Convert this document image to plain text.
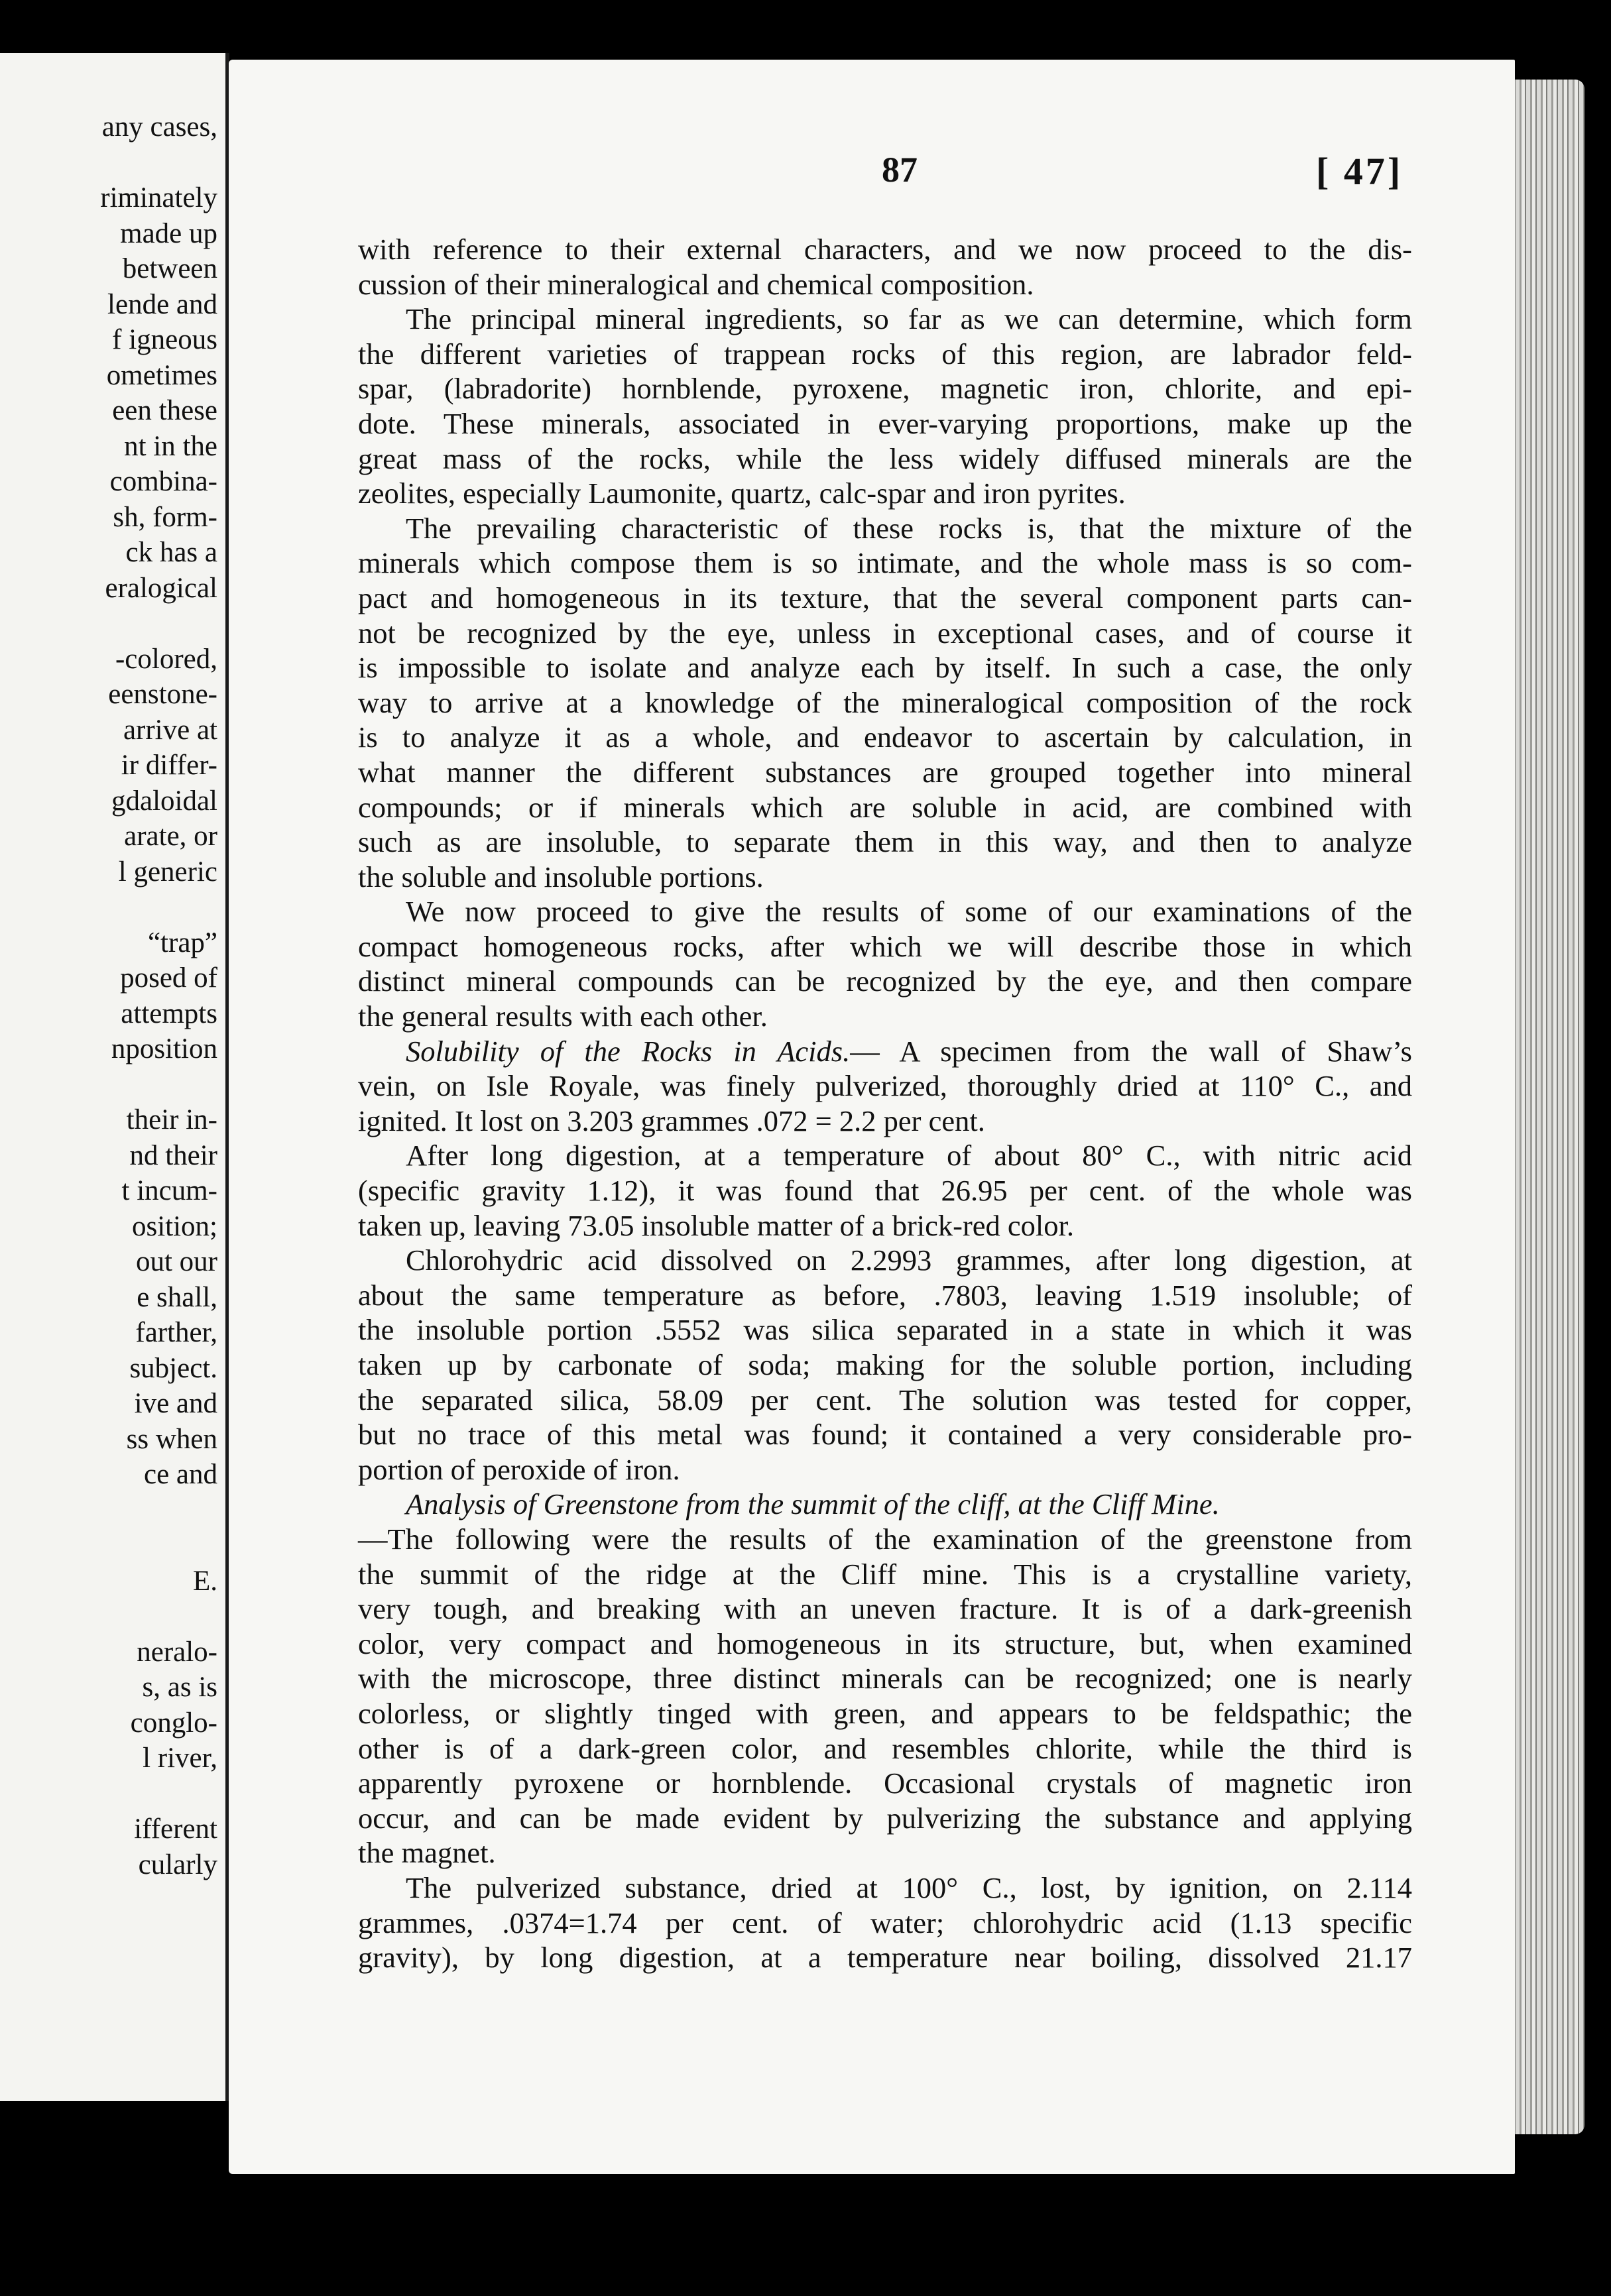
any cases,
riminately
made up
between
lende and
f igneous
ometimes
een these
nt in the
combina-
sh, form-
ck has a
eralogical
-colored,
eenstone-
arrive at
ir differ-
gdaloidal
arate, or
l generic
“trap”
posed of
attempts
nposition
their in-
nd their
t incum-
osition;
out our
e shall,
farther,
subject.
ive and
ss when
ce and
E.
neralo-
s, as is
conglo-
l river,
ifferent
cularly
87	[ 47]
with reference to their external characters, and we now proceed to the dis-
cussion of their mineralogical and chemical composition.
The principal mineral ingredients, so far as we can determine, which form
the different varieties of trappean rocks of this region, are labrador feld-
spar, (labradorite) hornblende, pyroxene, magnetic iron, chlorite, and epi-
dote. These minerals, associated in ever-varying proportions, make up the
great mass of the rocks, while the less widely diffused minerals are the
zeolites, especially Laumonite, quartz, calc-spar and iron pyrites.
The prevailing characteristic of these rocks is, that the mixture of the
minerals which compose them is so intimate, and the whole mass is so com-
pact and homogeneous in its texture, that the several component parts can-
not be recognized by the eye, unless in exceptional cases, and of course it
is impossible to isolate and analyze each by itself. In such a case, the only
way to arrive at a knowledge of the mineralogical composition of the rock
is to analyze it as a whole, and endeavor to ascertain by calculation, in
what manner the different substances are grouped together into mineral
compounds; or if minerals which are soluble in acid, are combined with
such as are insoluble, to separate them in this way, and then to analyze
the soluble and insoluble portions.
We now proceed to give the results of some of our examinations of the
compact homogeneous rocks, after which we will describe those in which
distinct mineral compounds can be recognized by the eye, and then compare
the general results with each other.
Solubility of the Rocks in Acids.— A specimen from the wall of Shaw’s
vein, on Isle Royale, was finely pulverized, thoroughly dried at 110° C., and
ignited. It lost on 3.203 grammes .072 = 2.2 per cent.
After long digestion, at a temperature of about 80° C., with nitric acid
(specific gravity 1.12), it was found that 26.95 per cent. of the whole was
taken up, leaving 73.05 insoluble matter of a brick-red color.
Chlorohydric acid dissolved on 2.2993 grammes, after long digestion, at
about the same temperature as before, .7803, leaving 1.519 insoluble; of
the insoluble portion .5552 was silica separated in a state in which it was
taken up by carbonate of soda; making for the soluble portion, including
the separated silica, 58.09 per cent. The solution was tested for copper,
but no trace of this metal was found; it contained a very considerable pro-
portion of peroxide of iron.
Analysis of Greenstone from the summit of the cliff, at the Cliff Mine.
—The following were the results of the examination of the greenstone from
the summit of the ridge at the Cliff mine. This is a crystalline variety,
very tough, and breaking with an uneven fracture. It is of a dark-greenish
color, very compact and homogeneous in its structure, but, when examined
with the microscope, three distinct minerals can be recognized; one is nearly
colorless, or slightly tinged with green, and appears to be feldspathic; the
other is of a dark-green color, and resembles chlorite, while the third is
apparently pyroxene or hornblende. Occasional crystals of magnetic iron
occur, and can be made evident by pulverizing the substance and applying
the magnet.
The pulverized substance, dried at 100° C., lost, by ignition, on 2.114
grammes, .0374=1.74 per cent. of water; chlorohydric acid (1.13 specific
gravity), by long digestion, at a temperature near boiling, dissolved 21.17
